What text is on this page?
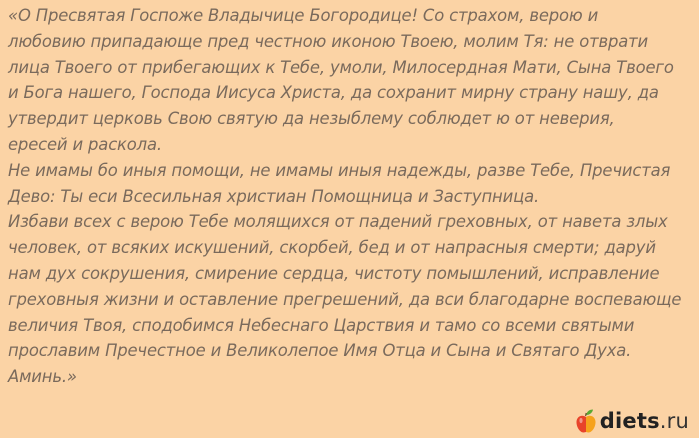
«О Пресвятая Госпоже Владычице Богородице! Со страхом, верою и
любовию припадающе пред честною иконою Твоею, молим Тя: не отврати
лица Твоего от прибегающих к Тебе, умоли, Милосердная Мати, Сына Твоего
и Бога нашего, Господа Иисуса Христа, да сохранит мирну страну нашу, да
утвердит церковь Свою святую да незыблему соблюдет ю от неверия,
ересей и раскола.
Не имамы бо иныя помощи, не имамы иныя надежды, разве Тебе, Пречистая
Дево: Ты еси Всесильная христиан Помощница и Заступница.
Избави всех с верою Тебе молящихся от падений греховных, от навета злых
человек, от всяких искушений, скорбей, бед и от напрасныя смерти; даруй
нам дух сокрушения, смирение сердца, чистоту помышлений, исправление
греховныя жизни и оставление прегрешений, да вси благодарне воспевающе
величия Твоя, сподобимся Небеснаго Царствия и тамо со всеми святыми
прославим Пречестное и Великолепое Имя Отца и Сына и Святаго Духа.
Аминь.»
diets.ru
